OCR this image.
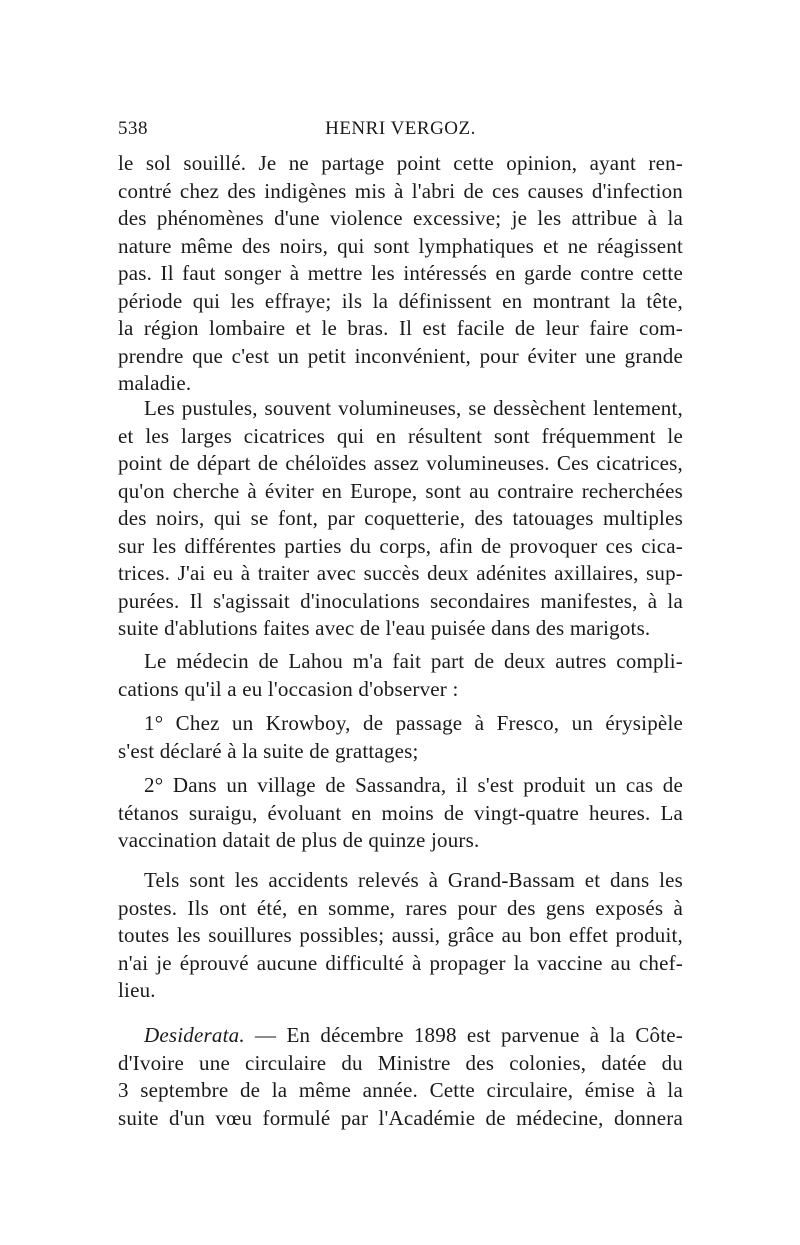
538	HENRI VERGOZ.

le sol souillé. Je ne partage point cette opinion, ayant ren-
contré chez des indigènes mis à l'abri de ces causes d'infection
des phénomènes d'une violence excessive; je les attribue à la
nature même des noirs, qui sont lymphatiques et ne réagissent
pas. Il faut songer à mettre les intéressés en garde contre cette
période qui les effraye; ils la définissent en montrant la tête,
la région lombaire et le bras. Il est facile de leur faire com-
prendre que c'est un petit inconvénient, pour éviter une grande
maladie.

Les pustules, souvent volumineuses, se dessèchent lentement,
et les larges cicatrices qui en résultent sont fréquemment le
point de départ de chéloïdes assez volumineuses. Ces cicatrices,
qu'on cherche à éviter en Europe, sont au contraire recherchées
des noirs, qui se font, par coquetterie, des tatouages multiples
sur les différentes parties du corps, afin de provoquer ces cica-
trices. J'ai eu à traiter avec succès deux adénites axillaires, sup-
purées. Il s'agissait d'inoculations secondaires manifestes, à la
suite d'ablutions faites avec de l'eau puisée dans des marigots.

Le médecin de Lahou m'a fait part de deux autres compli-
cations qu'il a eu l'occasion d'observer :

1° Chez un Krowboy, de passage à Fresco, un érysipèle
s'est déclaré à la suite de grattages;

2° Dans un village de Sassandra, il s'est produit un cas de
tétanos suraigu, évoluant en moins de vingt-quatre heures. La
vaccination datait de plus de quinze jours.

Tels sont les accidents relevés à Grand-Bassam et dans les
postes. Ils ont été, en somme, rares pour des gens exposés à
toutes les souillures possibles; aussi, grâce au bon effet produit,
n'ai je éprouvé aucune difficulté à propager la vaccine au chef-
lieu.

Desiderata. — En décembre 1898 est parvenue à la Côte-
d'Ivoire une circulaire du Ministre des colonies, datée du
3 septembre de la même année. Cette circulaire, émise à la
suite d'un vœu formulé par l'Académie de médecine, donnera
